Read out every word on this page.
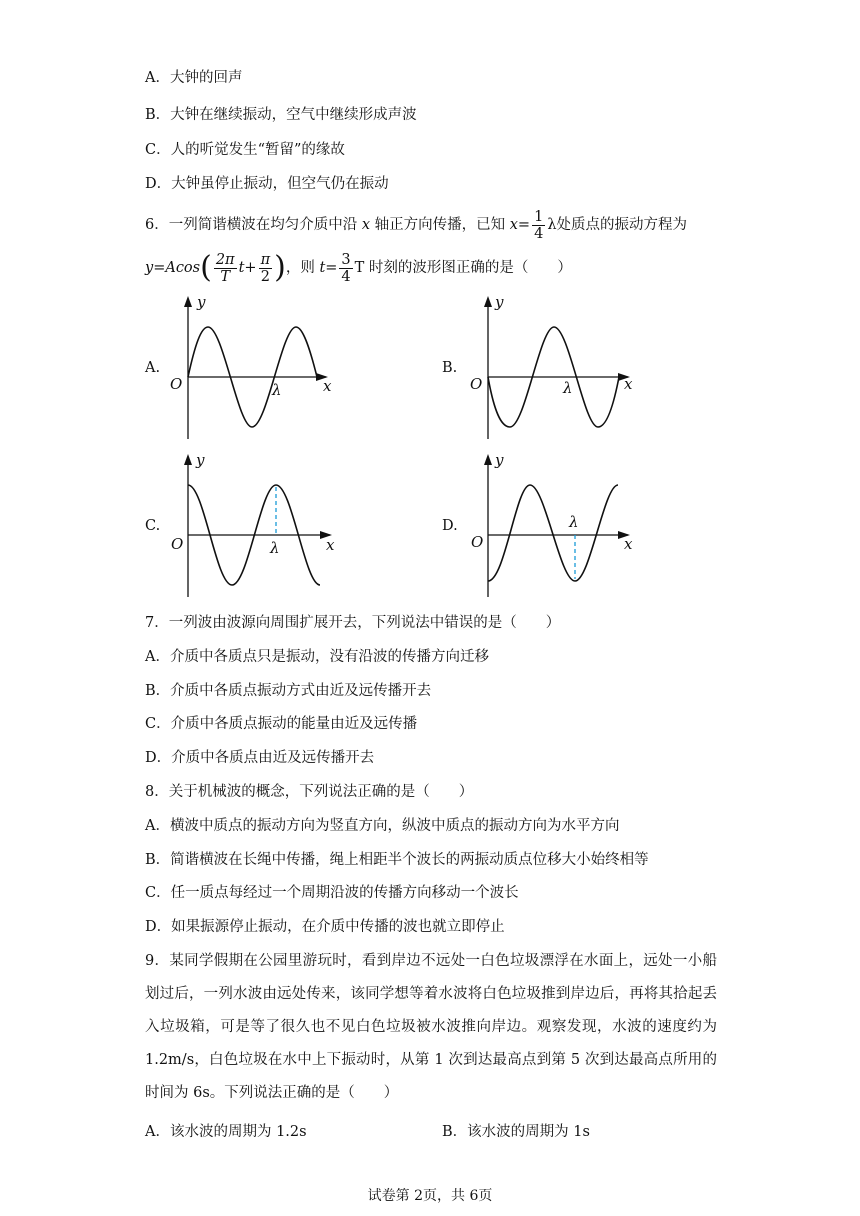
A．大钟的回声
B．大钟在继续振动，空气中继续形成声波
C．人的听觉发生“暂留”的缘故
D．大钟虽停止振动，但空气仍在振动
6．一列简谐横波在均匀介质中沿 x 轴正方向传播，已知 $x= \frac{1}{4}$ λ处质点的振动方程为
$y=Acos( \frac{2\pi}{T} t+ \frac{\pi}{2}$ )，则 $t= \frac{3}{4}$ T 时刻的波形图正确的是（　　）
A.	B.
C.	D.
y
O	λ	x
y
O	λ	x
y
O	λ	x
y
O
λ
x
7．一列波由波源向周围扩展开去，下列说法中错误的是（　　）
A．介质中各质点只是振动，没有沿波的传播方向迁移
B．介质中各质点振动方式由近及远传播开去
C．介质中各质点振动的能量由近及远传播
D．介质中各质点由近及远传播开去
8．关于机械波的概念，下列说法正确的是（　　）
A．横波中质点的振动方向为竖直方向，纵波中质点的振动方向为水平方向
B．简谐横波在长绳中传播，绳上相距半个波长的两振动质点位移大小始终相等
C．任一质点每经过一个周期沿波的传播方向移动一个波长
D．如果振源停止振动，在介质中传播的波也就立即停止
9．某同学假期在公园里游玩时，看到岸边不远处一白色垃圾漂浮在水面上，远处一小船划过后，一列水波由远处传来，该同学想等着水波将白色垃圾推到岸边后，再将其拾起丢入垃圾箱，可是等了很久也不见白色垃圾被水波推向岸边。观察发现，水波的速度约为 1.2m/s，白色垃圾在水中上下振动时，从第 1 次到达最高点到第 5 次到达最高点所用的时间为 6s。下列说法正确的是（　　）
A．该水波的周期为 1.2s	B．该水波的周期为 1s
试卷第 2页，共 6页
